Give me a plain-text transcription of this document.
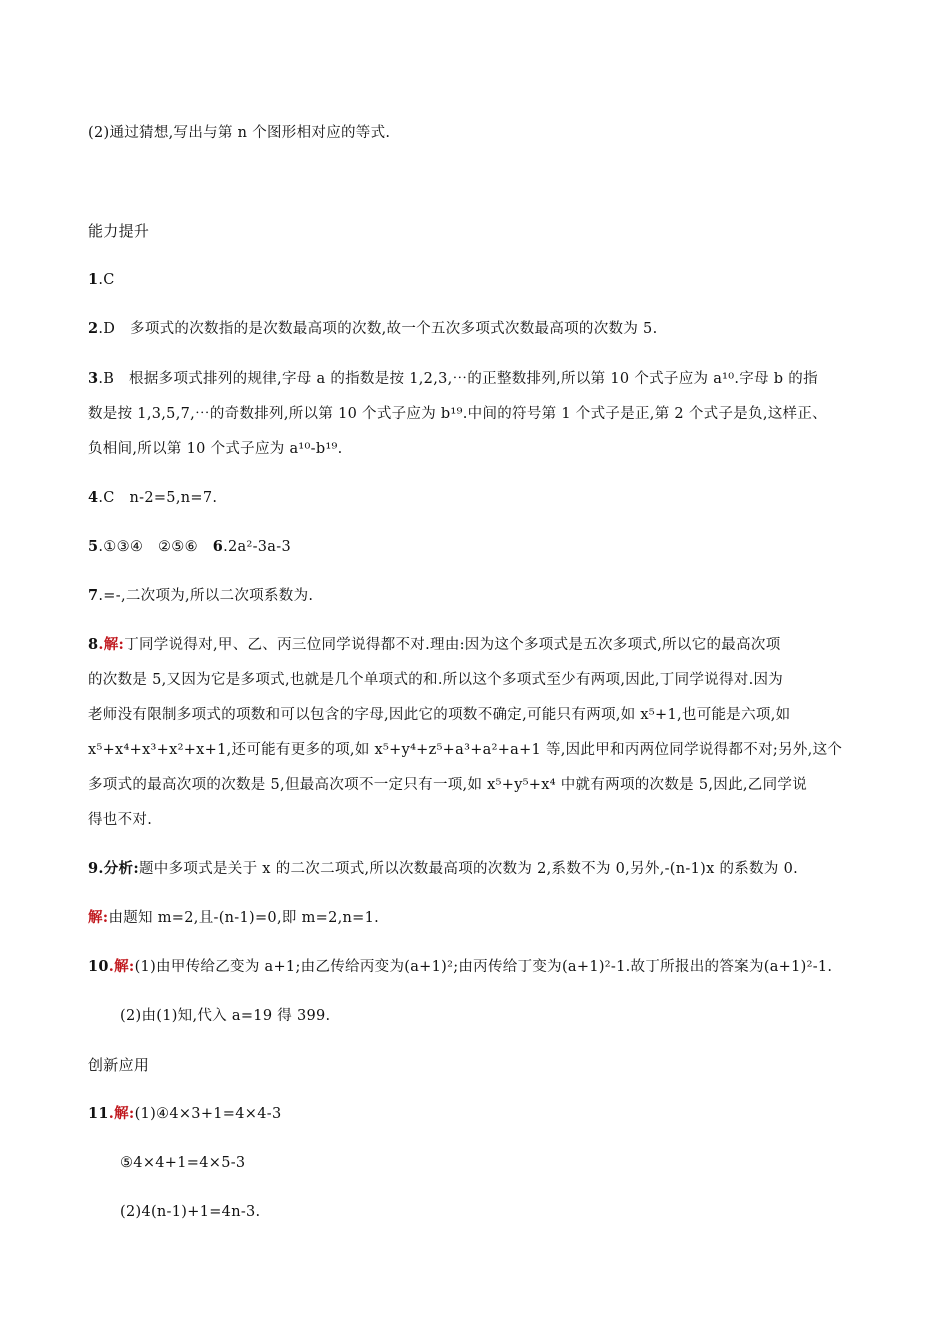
(2)通过猜想,写出与第 n 个图形相对应的等式.
能力提升
1.C
2.D　多项式的次数指的是次数最高项的次数,故一个五次多项式次数最高项的次数为 5.
3.B　根据多项式排列的规律,字母 a 的指数是按 1,2,3,⋯的正整数排列,所以第 10 个式子应为 a¹⁰.字母 b 的指
数是按 1,3,5,7,⋯的奇数排列,所以第 10 个式子应为 b¹⁹.中间的符号第 1 个式子是正,第 2 个式子是负,这样正、
负相间,所以第 10 个式子应为 a¹⁰-b¹⁹.
4.C　n-2=5,n=7.
5.①③④　②⑤⑥　6.2a²-3a-3
7.=-,二次项为,所以二次项系数为.
8.解:丁同学说得对,甲、乙、丙三位同学说得都不对.理由:因为这个多项式是五次多项式,所以它的最高次项
的次数是 5,又因为它是多项式,也就是几个单项式的和.所以这个多项式至少有两项,因此,丁同学说得对.因为
老师没有限制多项式的项数和可以包含的字母,因此它的项数不确定,可能只有两项,如 x⁵+1,也可能是六项,如
x⁵+x⁴+x³+x²+x+1,还可能有更多的项,如 x⁵+y⁴+z⁵+a³+a²+a+1 等,因此甲和丙两位同学说得都不对;另外,这个
多项式的最高次项的次数是 5,但最高次项不一定只有一项,如 x⁵+y⁵+x⁴ 中就有两项的次数是 5,因此,乙同学说
得也不对.
9.分析:题中多项式是关于 x 的二次二项式,所以次数最高项的次数为 2,系数不为 0,另外,-(n-1)x 的系数为 0.
解:由题知 m=2,且-(n-1)=0,即 m=2,n=1.
10.解:(1)由甲传给乙变为 a+1;由乙传给丙变为(a+1)²;由丙传给丁变为(a+1)²-1.故丁所报出的答案为(a+1)²-1.
(2)由(1)知,代入 a=19 得 399.
创新应用
11.解:(1)④4×3+1=4×4-3
⑤4×4+1=4×5-3
(2)4(n-1)+1=4n-3.
